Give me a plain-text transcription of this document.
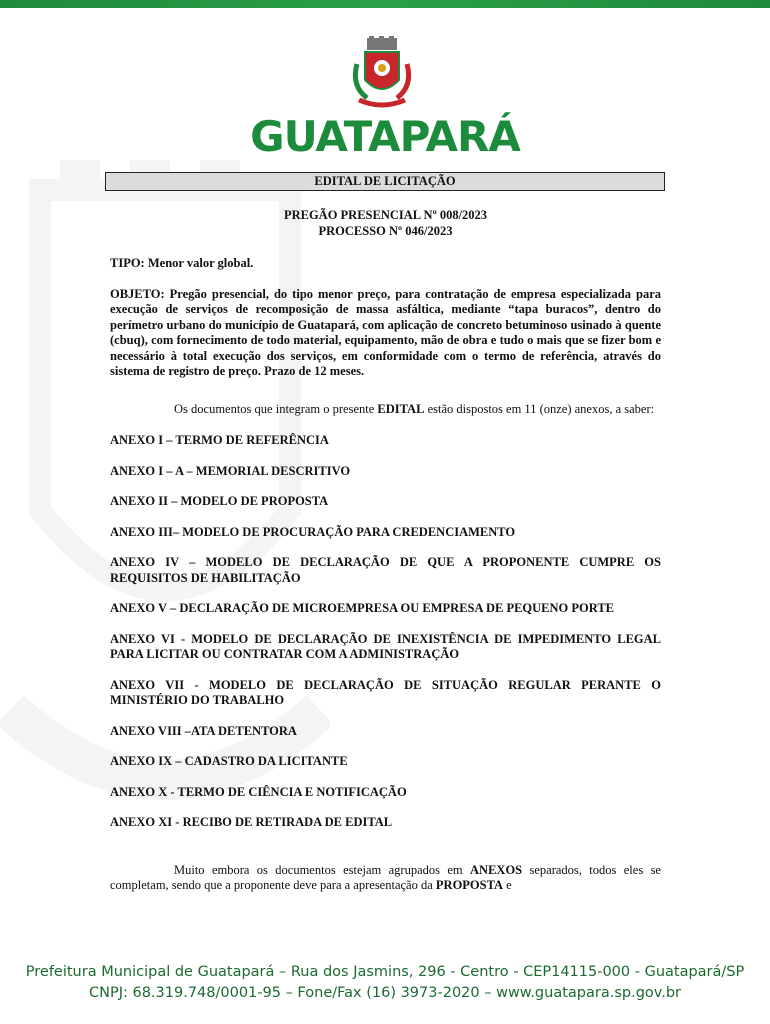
GUATAPARÁ
EDITAL DE LICITAÇÃO
PREGÃO PRESENCIAL Nº 008/2023
PROCESSO Nº 046/2023
TIPO: Menor valor global.
OBJETO: Pregão presencial, do tipo menor preço, para contratação de empresa especializada para execução de serviços de recomposição de massa asfáltica, mediante “tapa buracos”, dentro do perímetro urbano do município de Guatapará, com aplicação de concreto betuminoso usinado à quente (cbuq), com fornecimento de todo material, equipamento, mão de obra e tudo o mais que se fizer bom e necessário à total execução dos serviços, em conformidade com o termo de referência, através do sistema de registro de preço. Prazo de 12 meses.
Os documentos que integram o presente EDITAL estão dispostos em 11 (onze) anexos, a saber:
ANEXO I – TERMO DE REFERÊNCIA
ANEXO I – A – MEMORIAL DESCRITIVO
ANEXO II – MODELO DE PROPOSTA
ANEXO III– MODELO DE PROCURAÇÃO PARA CREDENCIAMENTO
ANEXO IV – MODELO DE DECLARAÇÃO DE QUE A PROPONENTE CUMPRE OS REQUISITOS DE HABILITAÇÃO
ANEXO V – DECLARAÇÃO DE MICROEMPRESA OU EMPRESA DE PEQUENO PORTE
ANEXO VI - MODELO DE DECLARAÇÃO DE INEXISTÊNCIA DE IMPEDIMENTO LEGAL PARA LICITAR OU CONTRATAR COM A ADMINISTRAÇÃO
ANEXO VII - MODELO DE DECLARAÇÃO DE SITUAÇÃO REGULAR PERANTE O MINISTÉRIO DO TRABALHO
ANEXO VIII –ATA DETENTORA
ANEXO IX – CADASTRO DA LICITANTE
ANEXO X - TERMO DE CIÊNCIA E NOTIFICAÇÃO
ANEXO XI - RECIBO DE RETIRADA DE EDITAL
Muito embora os documentos estejam agrupados em ANEXOS separados, todos eles se completam, sendo que a proponente deve para a apresentação da PROPOSTA e
Prefeitura Municipal de Guatapará – Rua dos Jasmins, 296 - Centro - CEP14115-000 - Guatapará/SP
CNPJ: 68.319.748/0001-95 – Fone/Fax (16) 3973-2020 – www.guatapara.sp.gov.br
